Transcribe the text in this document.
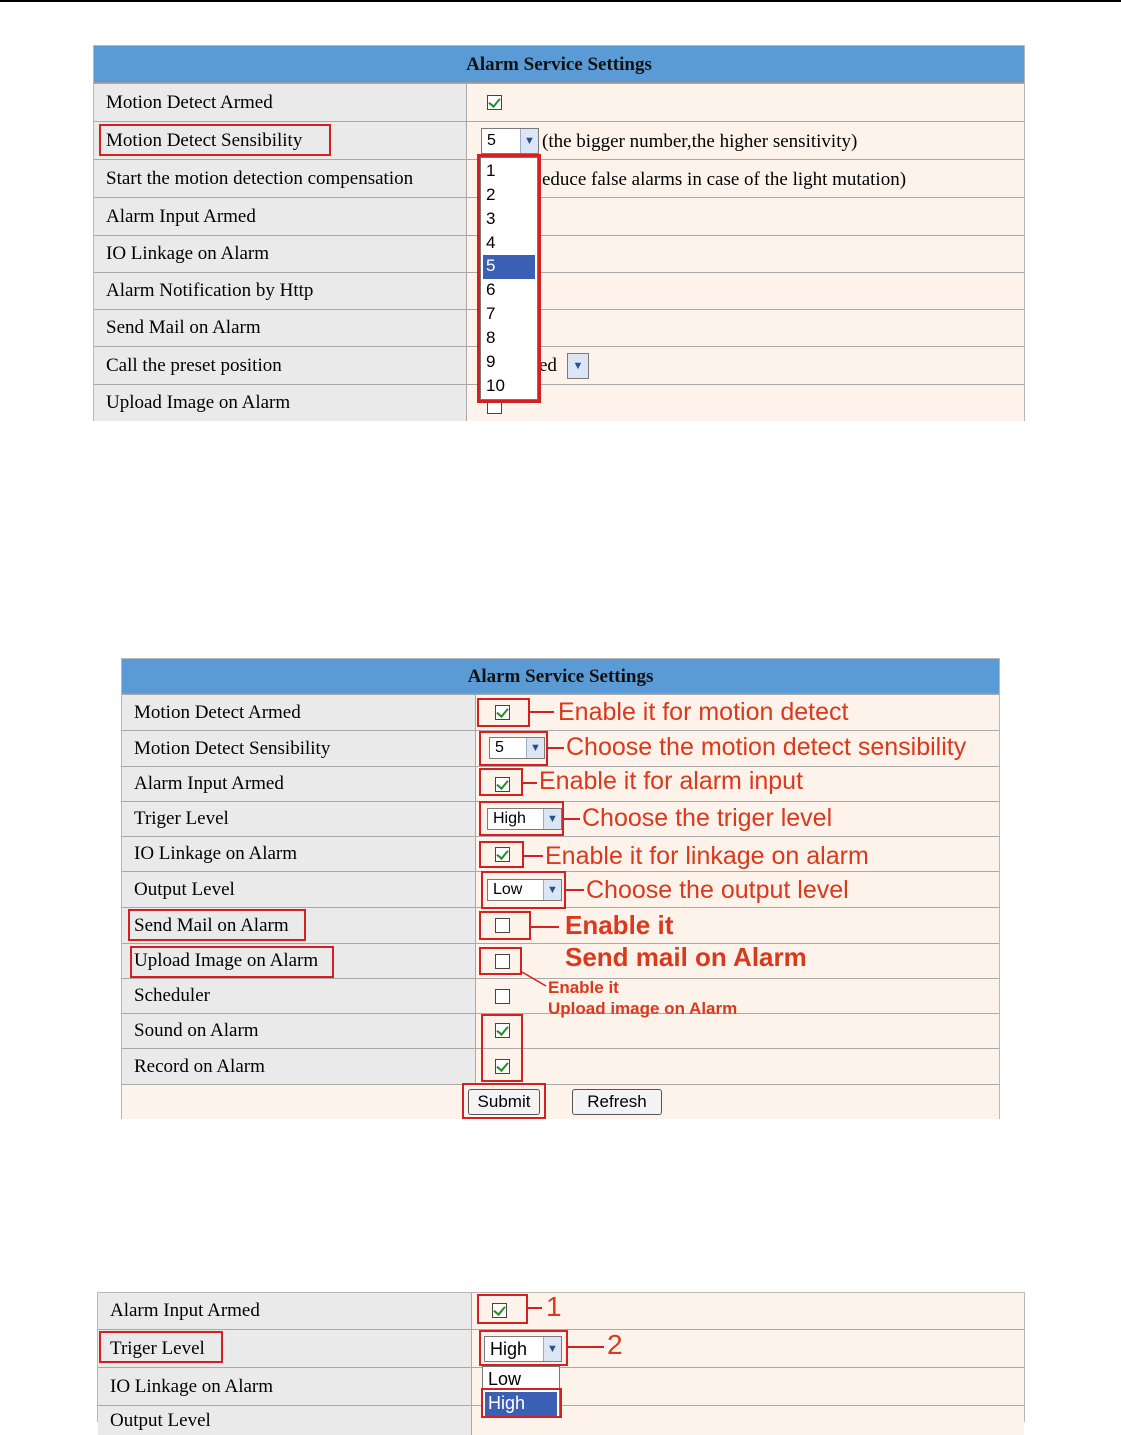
Alarm Service Settings
Motion Detect Armed
Motion Detect Sensibility	5	▼ (the bigger number,the higher sensitivity)
Start the motion detection compensation	educe false alarms in case of the light mutation)
Alarm Input Armed
IO Linkage on Alarm
Alarm Notification by Http
Send Mail on Alarm
Call the preset position	ed	▼
Upload Image on Alarm
1
2
3
4
5
6
7
8
9
10
Alarm Service Settings
Motion Detect Armed
Motion Detect Sensibility	5	▼
Alarm Input Armed
Triger Level	High	▼
IO Linkage on Alarm
Output Level	Low	▼
Send Mail on Alarm
Upload Image on Alarm
Scheduler
Sound on Alarm
Record on Alarm
Submit	Refresh
Enable it for motion detect
Choose the motion detect sensibility
Enable it for alarm input
Choose the triger level
Enable it for linkage on alarm
Choose the output level
Enable it
Send mail on Alarm
Enable it
Upload image on Alarm
Alarm Input Armed
Triger Level	High	▼
IO Linkage on Alarm
Output Level
1
2
Low
High
